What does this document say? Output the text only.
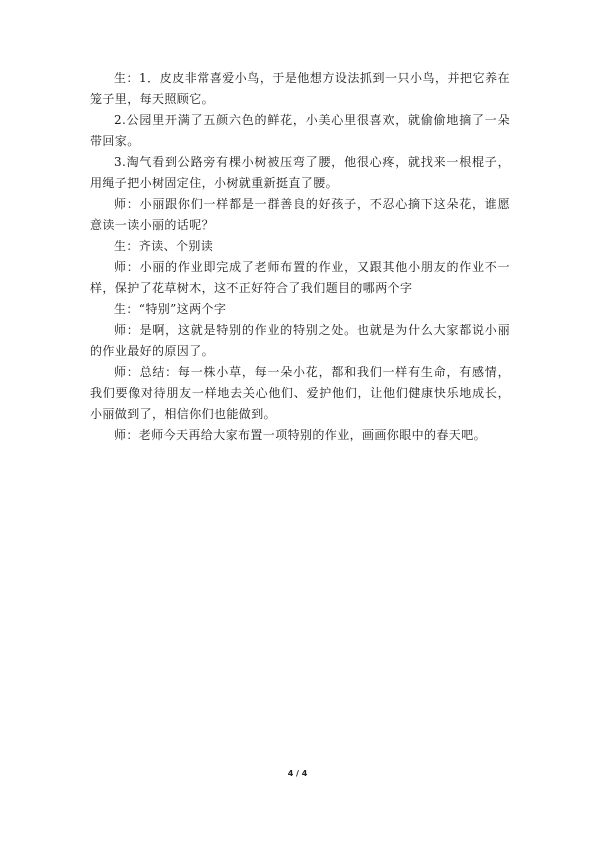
生：1．皮皮非常喜爱小鸟，于是他想方设法抓到一只小鸟，并把它养在笼子里，每天照顾它。

2.公园里开满了五颜六色的鲜花，小美心里很喜欢，就偷偷地摘了一朵带回家。

3.淘气看到公路旁有棵小树被压弯了腰，他很心疼，就找来一根棍子，用绳子把小树固定住，小树就重新挺直了腰。

师：小丽跟你们一样都是一群善良的好孩子，不忍心摘下这朵花，谁愿意读一读小丽的话呢？

生：齐读、个别读

师：小丽的作业即完成了老师布置的作业，又跟其他小朋友的作业不一样，保护了花草树木，这不正好符合了我们题目的哪两个字

生：“特别”这两个字

师：是啊，这就是特别的作业的特别之处。也就是为什么大家都说小丽的作业最好的原因了。

师：总结：每一株小草，每一朵小花，都和我们一样有生命，有感情，我们要像对待朋友一样地去关心他们、爱护他们，让他们健康快乐地成长，小丽做到了，相信你们也能做到。

师：老师今天再给大家布置一项特别的作业，画画你眼中的春天吧。

4 / 4
